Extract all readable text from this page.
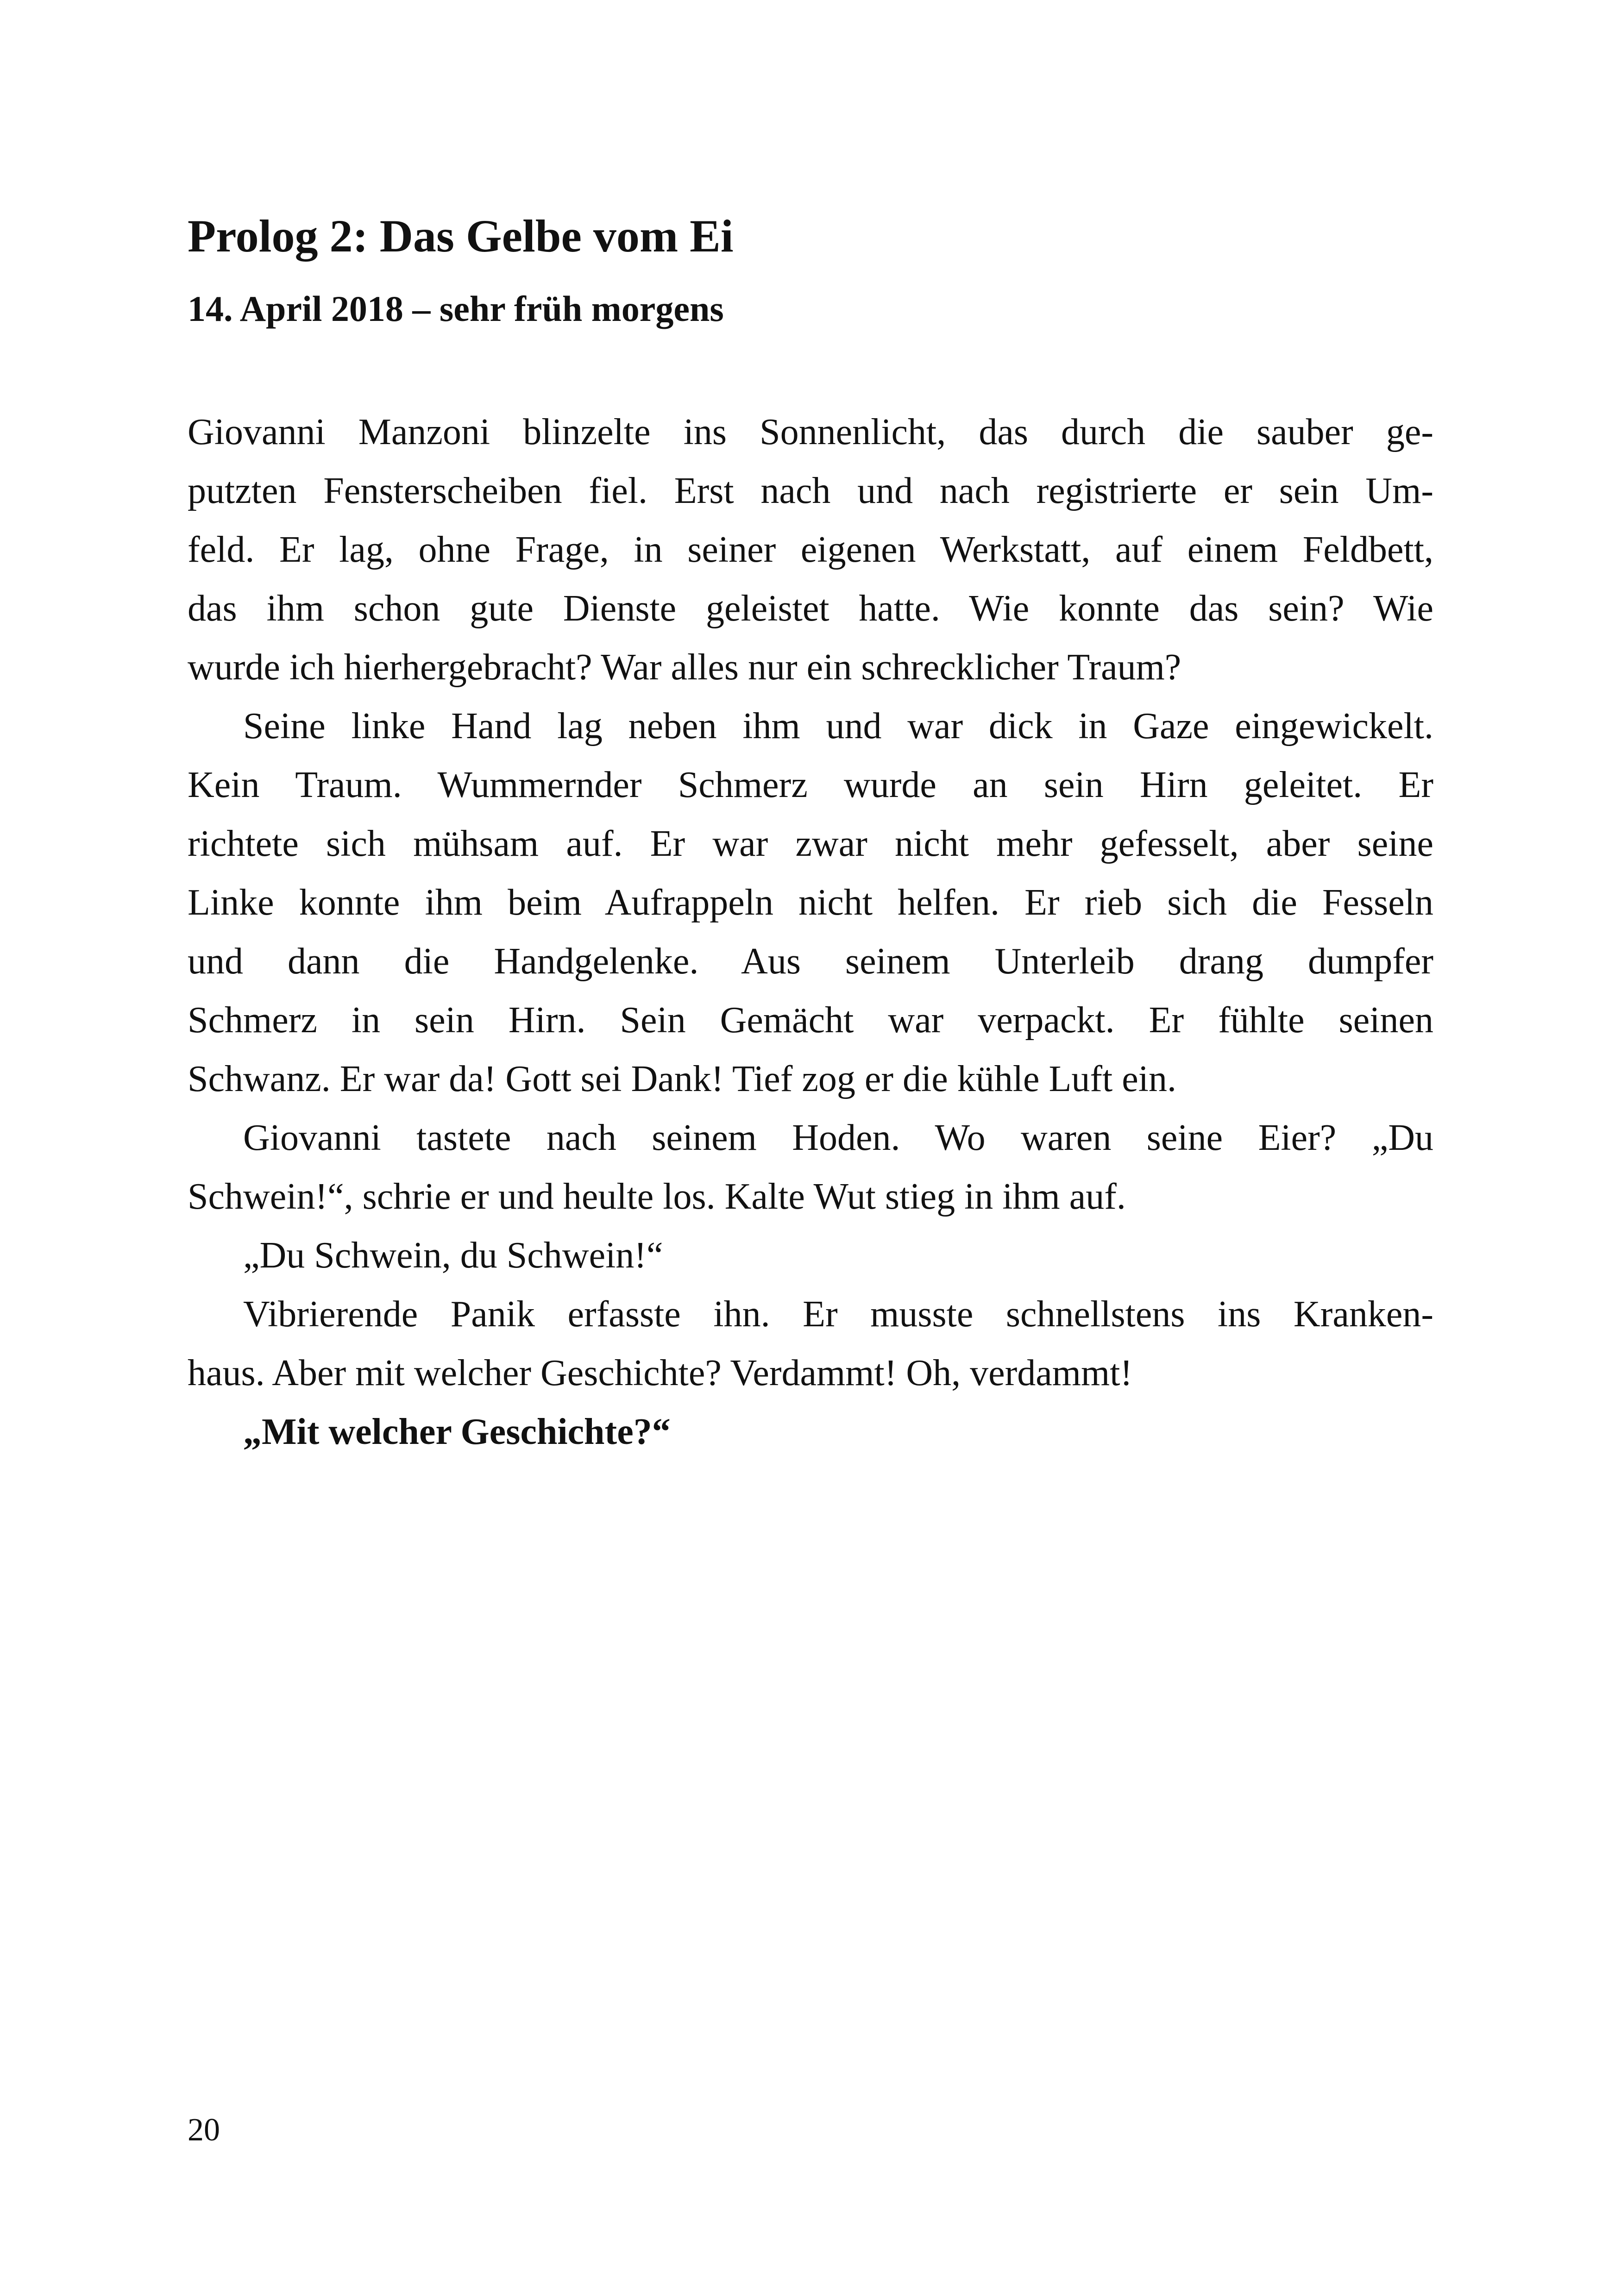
Prolog 2: Das Gelbe vom Ei
14. April 2018 – sehr früh morgens
Giovanni Manzoni blinzelte ins Sonnenlicht, das durch die sauber ge-
putzten Fensterscheiben fiel. Erst nach und nach registrierte er sein Um-
feld. Er lag, ohne Frage, in seiner eigenen Werkstatt, auf einem Feldbett,
das ihm schon gute Dienste geleistet hatte. Wie konnte das sein? Wie
wurde ich hierhergebracht? War alles nur ein schrecklicher Traum?
Seine linke Hand lag neben ihm und war dick in Gaze eingewickelt.
Kein Traum. Wummernder Schmerz wurde an sein Hirn geleitet. Er
richtete sich mühsam auf. Er war zwar nicht mehr gefesselt, aber seine
Linke konnte ihm beim Aufrappeln nicht helfen. Er rieb sich die Fesseln
und dann die Handgelenke. Aus seinem Unterleib drang dumpfer
Schmerz in sein Hirn. Sein Gemächt war verpackt. Er fühlte seinen
Schwanz. Er war da! Gott sei Dank! Tief zog er die kühle Luft ein.
Giovanni tastete nach seinem Hoden. Wo waren seine Eier? „Du
Schwein!“, schrie er und heulte los. Kalte Wut stieg in ihm auf.
„Du Schwein, du Schwein!“
Vibrierende Panik erfasste ihn. Er musste schnellstens ins Kranken-
haus. Aber mit welcher Geschichte? Verdammt! Oh, verdammt!
„Mit welcher Geschichte?“

20
